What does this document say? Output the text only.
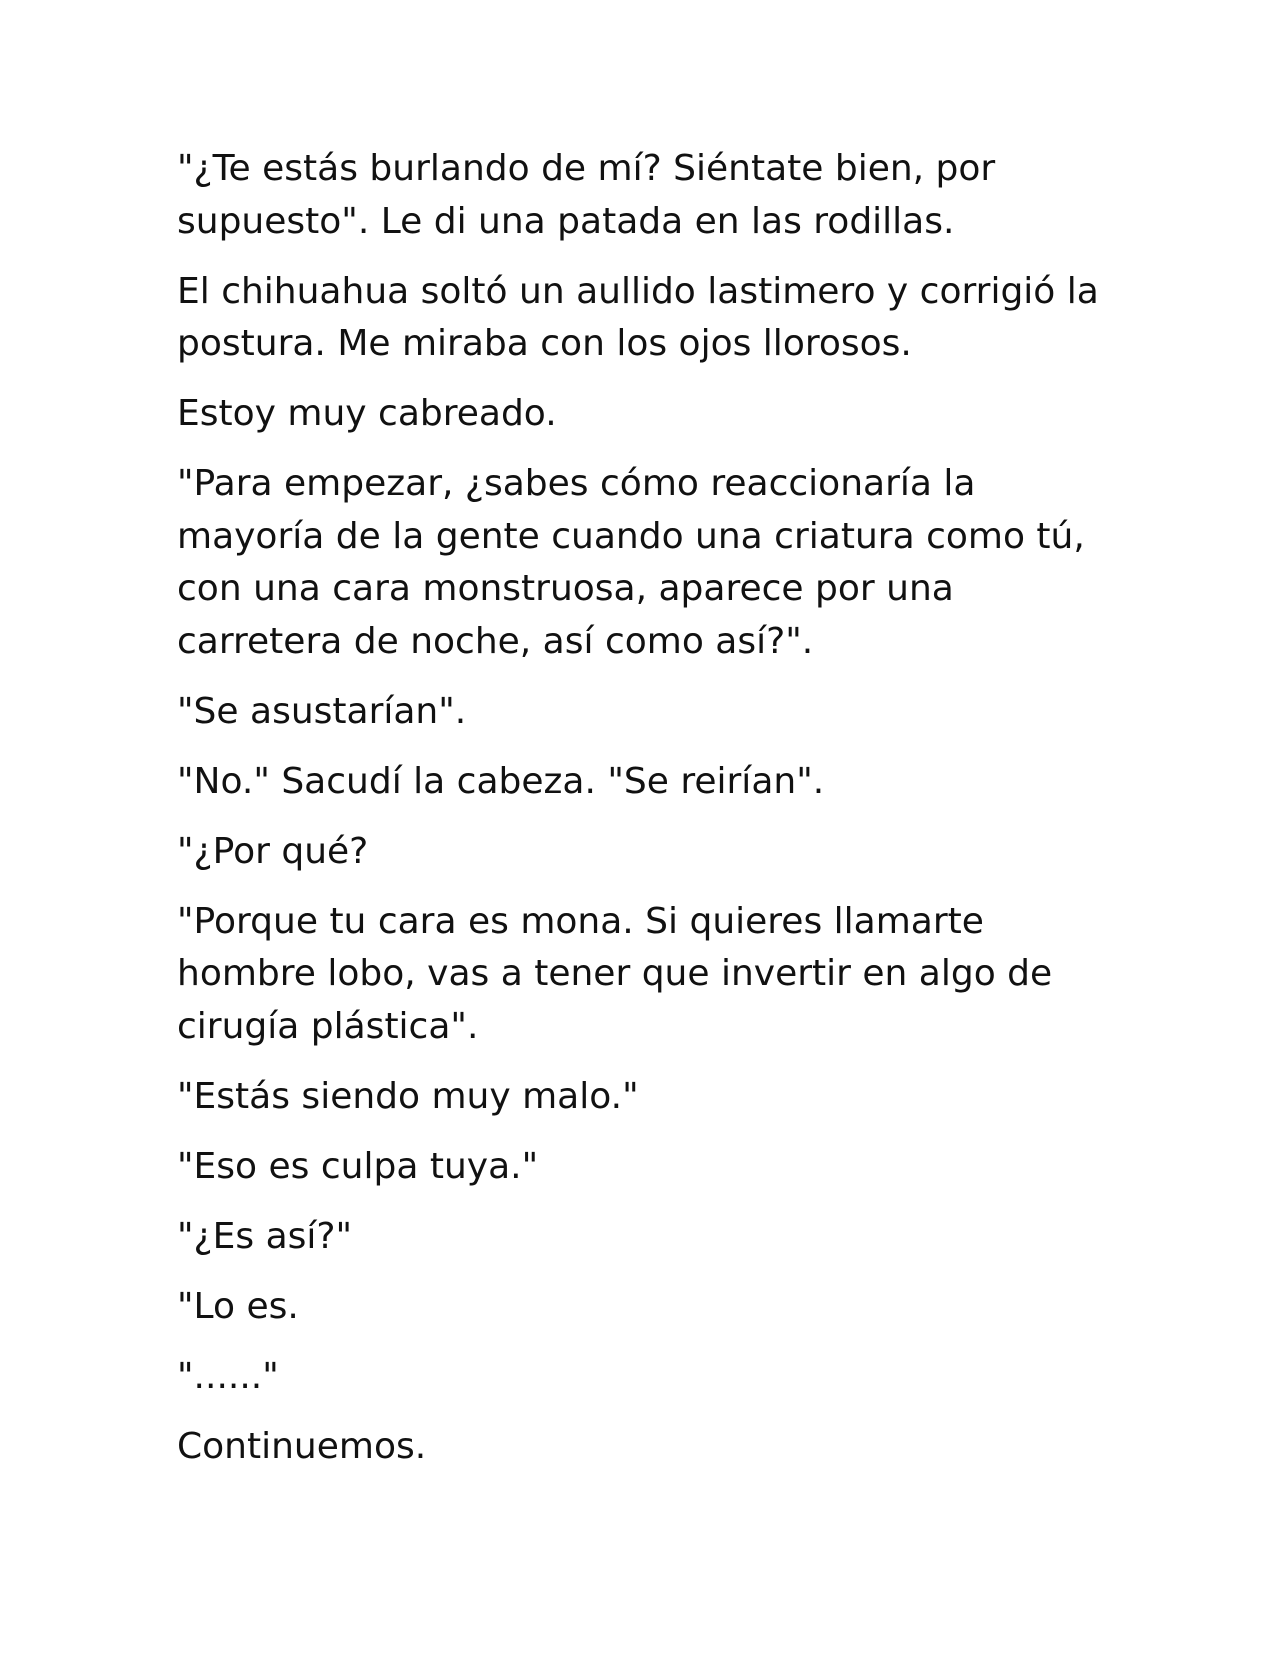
"¿Te estás burlando de mí? Siéntate bien, por supuesto". Le di una patada en las rodillas.

El chihuahua soltó un aullido lastimero y corrigió la postura. Me miraba con los ojos llorosos.

Estoy muy cabreado.

"Para empezar, ¿sabes cómo reaccionaría la mayoría de la gente cuando una criatura como tú, con una cara monstruosa, aparece por una carretera de noche, así como así?".

"Se asustarían".

"No." Sacudí la cabeza. "Se reirían".

"¿Por qué?

"Porque tu cara es mona. Si quieres llamarte hombre lobo, vas a tener que invertir en algo de cirugía plástica".

"Estás siendo muy malo."

"Eso es culpa tuya."

"¿Es así?"

"Lo es.

"......"

Continuemos.
